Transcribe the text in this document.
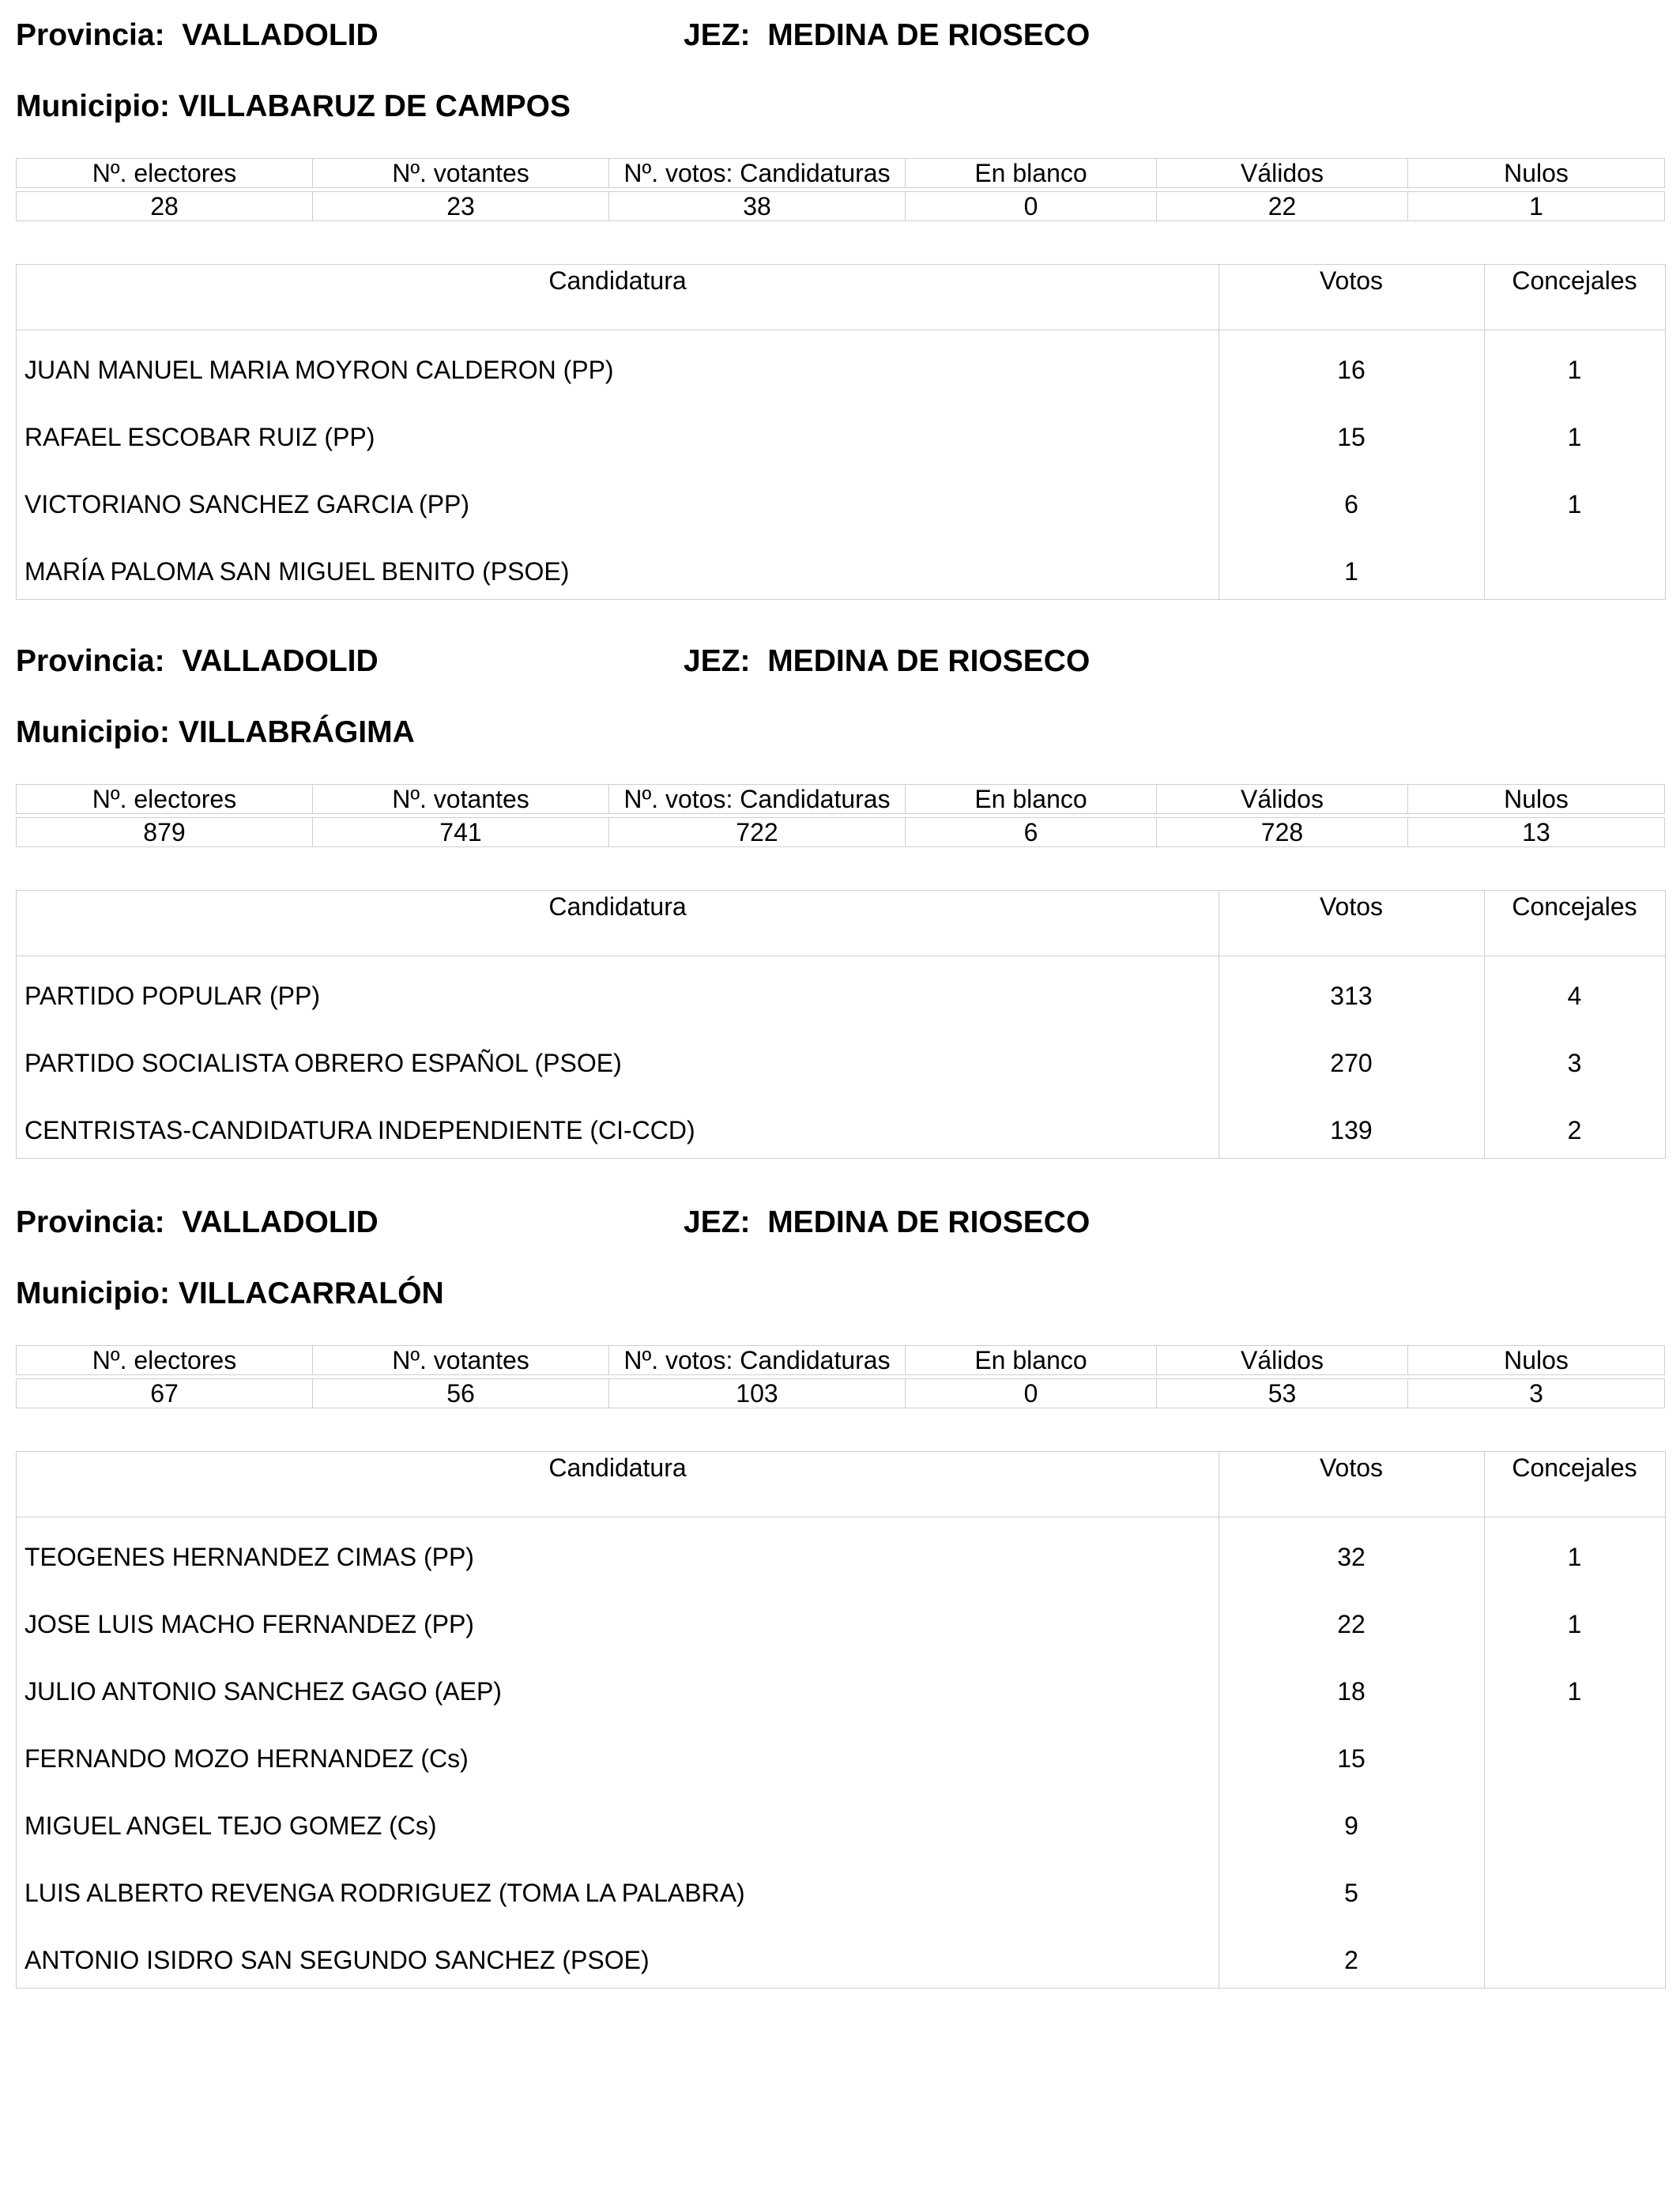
Provincia: VALLADOLID	JEZ: MEDINA DE RIOSECO
Municipio: VILLABARUZ DE CAMPOS
Nº. electores	Nº. votantes	Nº. votos: Candidaturas	En blanco	Válidos	Nulos

28	23	38	0	22	1
Candidatura	Votos	Concejales
JUAN MANUEL MARIA MOYRON CALDERON (PP)	16	1
RAFAEL ESCOBAR RUIZ (PP)	15	1
VICTORIANO SANCHEZ GARCIA (PP)	6	1
MARÍA PALOMA SAN MIGUEL BENITO (PSOE)	1
Provincia: VALLADOLID	JEZ: MEDINA DE RIOSECO
Municipio: VILLABRÁGIMA
Nº. electores	Nº. votantes	Nº. votos: Candidaturas	En blanco	Válidos	Nulos

879	741	722	6	728	13
Candidatura	Votos	Concejales
PARTIDO POPULAR (PP)	313	4
PARTIDO SOCIALISTA OBRERO ESPAÑOL (PSOE)	270	3
CENTRISTAS-CANDIDATURA INDEPENDIENTE (CI-CCD)	139	2
Provincia: VALLADOLID	JEZ: MEDINA DE RIOSECO
Municipio: VILLACARRALÓN
Nº. electores	Nº. votantes	Nº. votos: Candidaturas	En blanco	Válidos	Nulos

67	56	103	0	53	3
Candidatura	Votos	Concejales
TEOGENES HERNANDEZ CIMAS (PP)	32	1
JOSE LUIS MACHO FERNANDEZ (PP)	22	1
JULIO ANTONIO SANCHEZ GAGO (AEP)	18	1
FERNANDO MOZO HERNANDEZ (Cs)	15
MIGUEL ANGEL TEJO GOMEZ (Cs)	9
LUIS ALBERTO REVENGA RODRIGUEZ (TOMA LA PALABRA)	5
ANTONIO ISIDRO SAN SEGUNDO SANCHEZ (PSOE)	2
